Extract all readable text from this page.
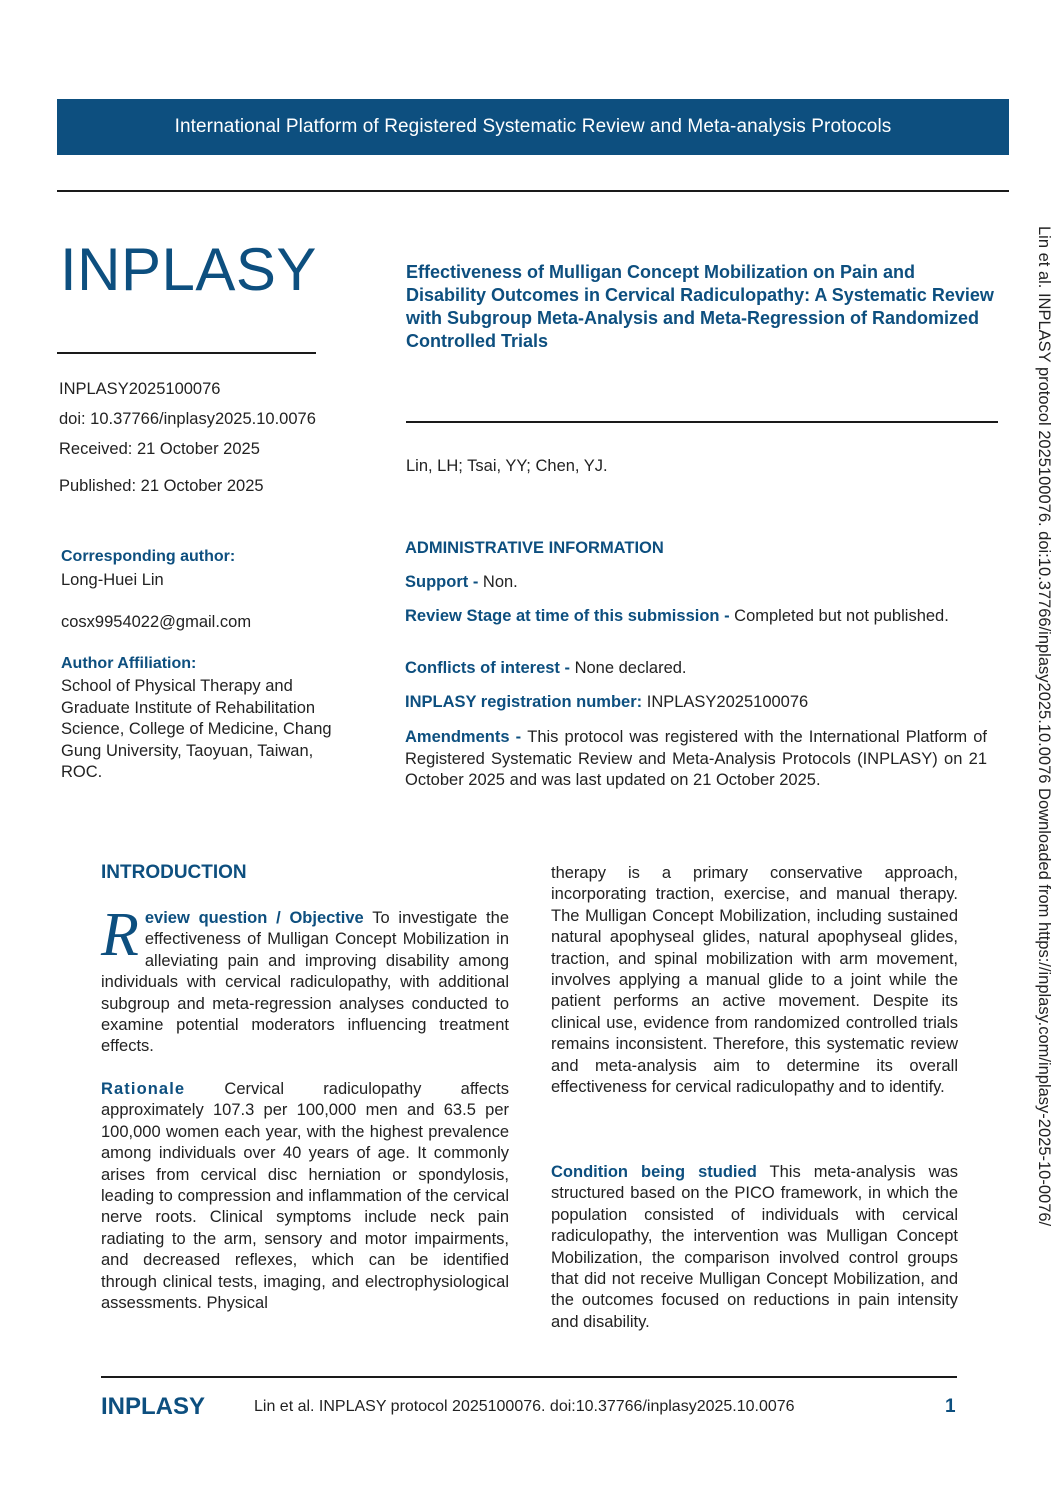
International Platform of Registered Systematic Review and Meta-analysis Protocols
INPLASY	Effectiveness of Mulligan Concept Mobilization on Pain and Disability Outcomes in Cervical Radiculopathy: A Systematic Review with Subgroup Meta-Analysis and Meta-Regression of Randomized Controlled Trials
INPLASY2025100076
doi: 10.37766/inplasy2025.10.0076
Received: 21 October 2025
Published: 21 October 2025
Lin, LH; Tsai, YY; Chen, YJ.
Corresponding author:
Long-Huei Lin
cosx9954022@gmail.com
Author Affiliation:
School of Physical Therapy and Graduate Institute of Rehabilitation Science, College of Medicine, Chang Gung University, Taoyuan, Taiwan, ROC.
ADMINISTRATIVE INFORMATION
Support - Non.
Review Stage at time of this submission - Completed but not published.
Conflicts of interest - None declared.
INPLASY registration number: INPLASY2025100076
Amendments - This protocol was registered with the International Platform of Registered Systematic Review and Meta-Analysis Protocols (INPLASY) on 21 October 2025 and was last updated on 21 October 2025.	Lin et al. INPLASY protocol 2025100076. doi:10.37766/inplasy2025.10.0076 Downloaded from https://inplasy.com/inplasy-2025-10-0076/
INTRODUCTION
Review question / Objective To investigate the effectiveness of Mulligan Concept Mobilization in alleviating pain and improving disability among individuals with cervical radiculopathy, with additional subgroup and meta-regression analyses conducted to examine potential moderators influencing treatment effects.
Rationale Cervical radiculopathy affects approximately 107.3 per 100,000 men and 63.5 per 100,000 women each year, with the highest prevalence among individuals over 40 years of age. It commonly arises from cervical disc herniation or spondylosis, leading to compression and inflammation of the cervical nerve roots. Clinical symptoms include neck pain radiating to the arm, sensory and motor impairments, and decreased reflexes, which can be identified through clinical tests, imaging, and electrophysiological assessments. Physical
therapy is a primary conservative approach, incorporating traction, exercise, and manual therapy. The Mulligan Concept Mobilization, including sustained natural apophyseal glides, natural apophyseal glides, traction, and spinal mobilization with arm movement, involves applying a manual glide to a joint while the patient performs an active movement. Despite its clinical use, evidence from randomized controlled trials remains inconsistent. Therefore, this systematic review and meta-analysis aim to determine its overall effectiveness for cervical radiculopathy and to identify.
Condition being studied This meta-analysis was structured based on the PICO framework, in which the population consisted of individuals with cervical radiculopathy, the intervention was Mulligan Concept Mobilization, the comparison involved control groups that did not receive Mulligan Concept Mobilization, and the outcomes focused on reductions in pain intensity and disability.
INPLASY	Lin et al. INPLASY protocol 2025100076. doi:10.37766/inplasy2025.10.0076	1
